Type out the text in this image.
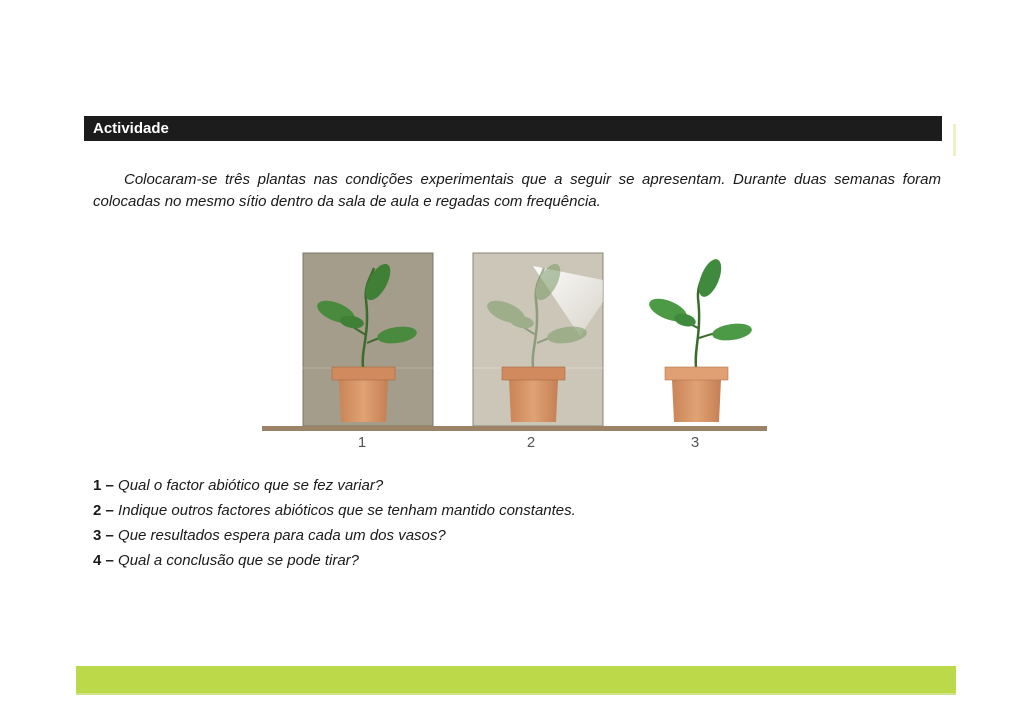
Actividade

Colocaram-se três plantas nas condições experimentais que a seguir se apresentam. Durante duas semanas foram colocadas no mesmo sítio dentro da sala de aula e regadas com frequência.

1	2	3
1 – Qual o factor abiótico que se fez variar?
2 – Indique outros factores abióticos que se tenham mantido constantes.
3 – Que resultados espera para cada um dos vasos?
4 – Qual a conclusão que se pode tirar?
